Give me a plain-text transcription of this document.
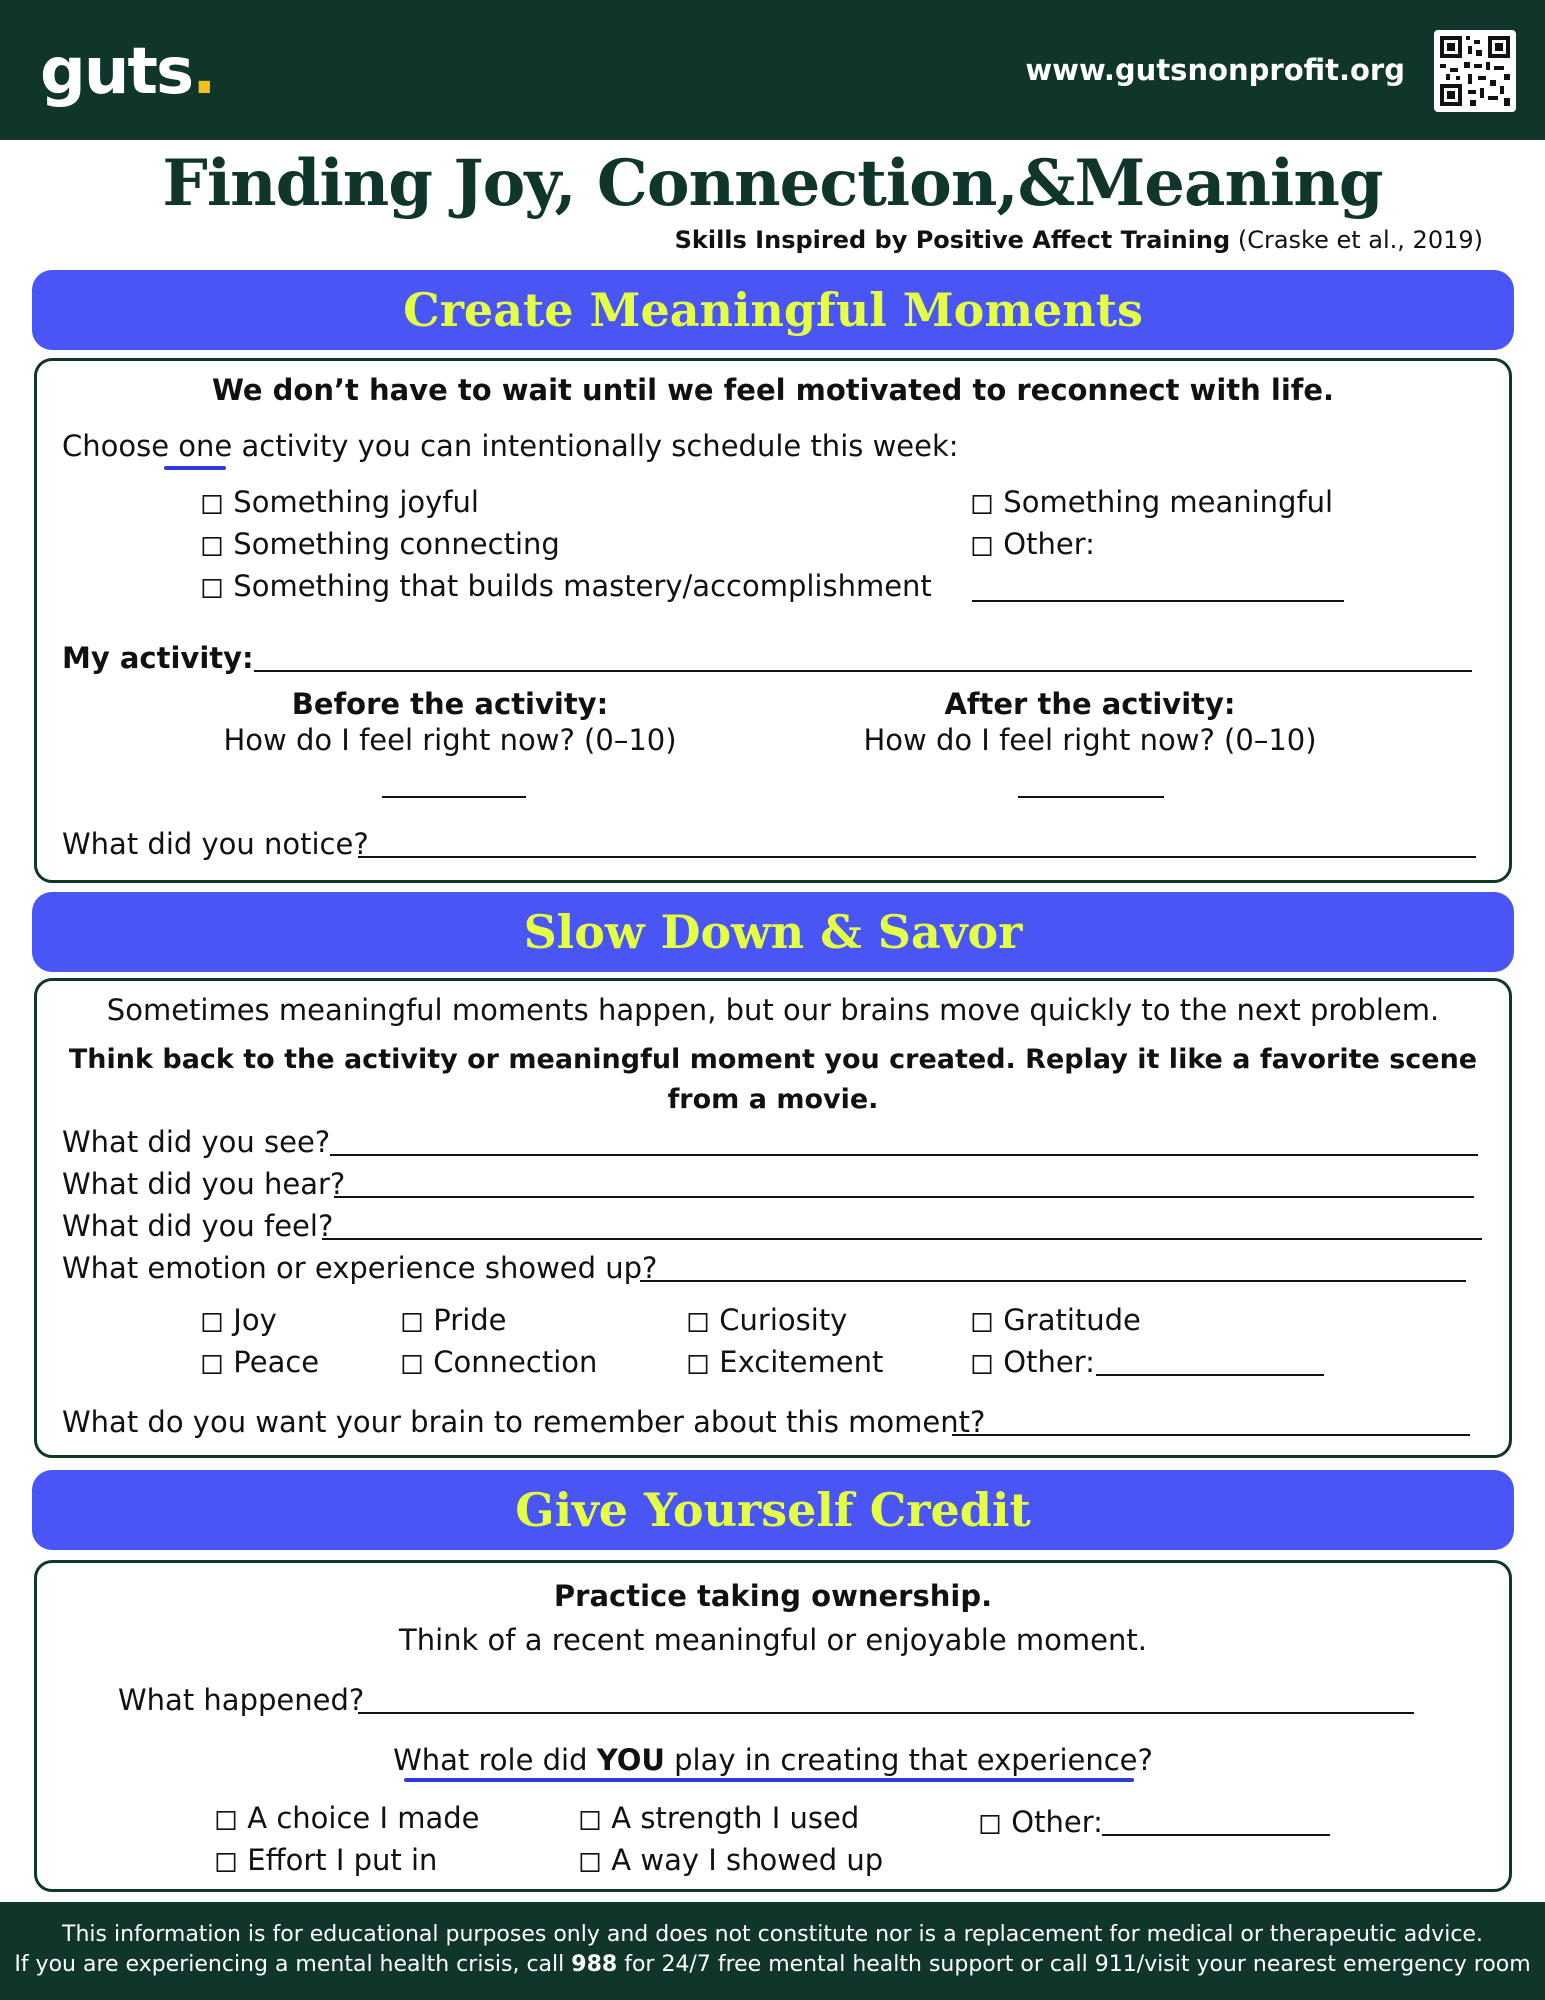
guts.	www.gutsnonprofit.org
Finding Joy, Connection,&Meaning
Skills Inspired by Positive Affect Training (Craske et al., 2019)
Create Meaningful Moments
We don’t have to wait until we feel motivated to reconnect with life.
Choose one activity you can intentionally schedule this week:
◻ Something joyful
◻ Something connecting
◻ Something that builds mastery/accomplishment
◻ Something meaningful
◻ Other:
My activity:
Before the activity:
How do I feel right now? (0–10)
After the activity:
How do I feel right now? (0–10)
What did you notice?
Slow Down & Savor
Sometimes meaningful moments happen, but our brains move quickly to the next problem.
Think back to the activity or meaningful moment you created. Replay it like a favorite scene
from a movie.
What did you see?
What did you hear?
What did you feel?
What emotion or experience showed up?
◻ Joy
◻ Peace
◻ Pride
◻ Connection
◻ Curiosity
◻ Excitement
◻ Gratitude
◻ Other:
What do you want your brain to remember about this moment?
Give Yourself Credit
Practice taking ownership.
Think of a recent meaningful or enjoyable moment.
What happened?
What role did YOU play in creating that experience?
◻ A choice I made
◻ Effort I put in
◻ A strength I used
◻ A way I showed up
◻ Other:
This information is for educational purposes only and does not constitute nor is a replacement for medical or therapeutic advice.
If you are experiencing a mental health crisis, call 988 for 24/7 free mental health support or call 911/visit your nearest emergency room
